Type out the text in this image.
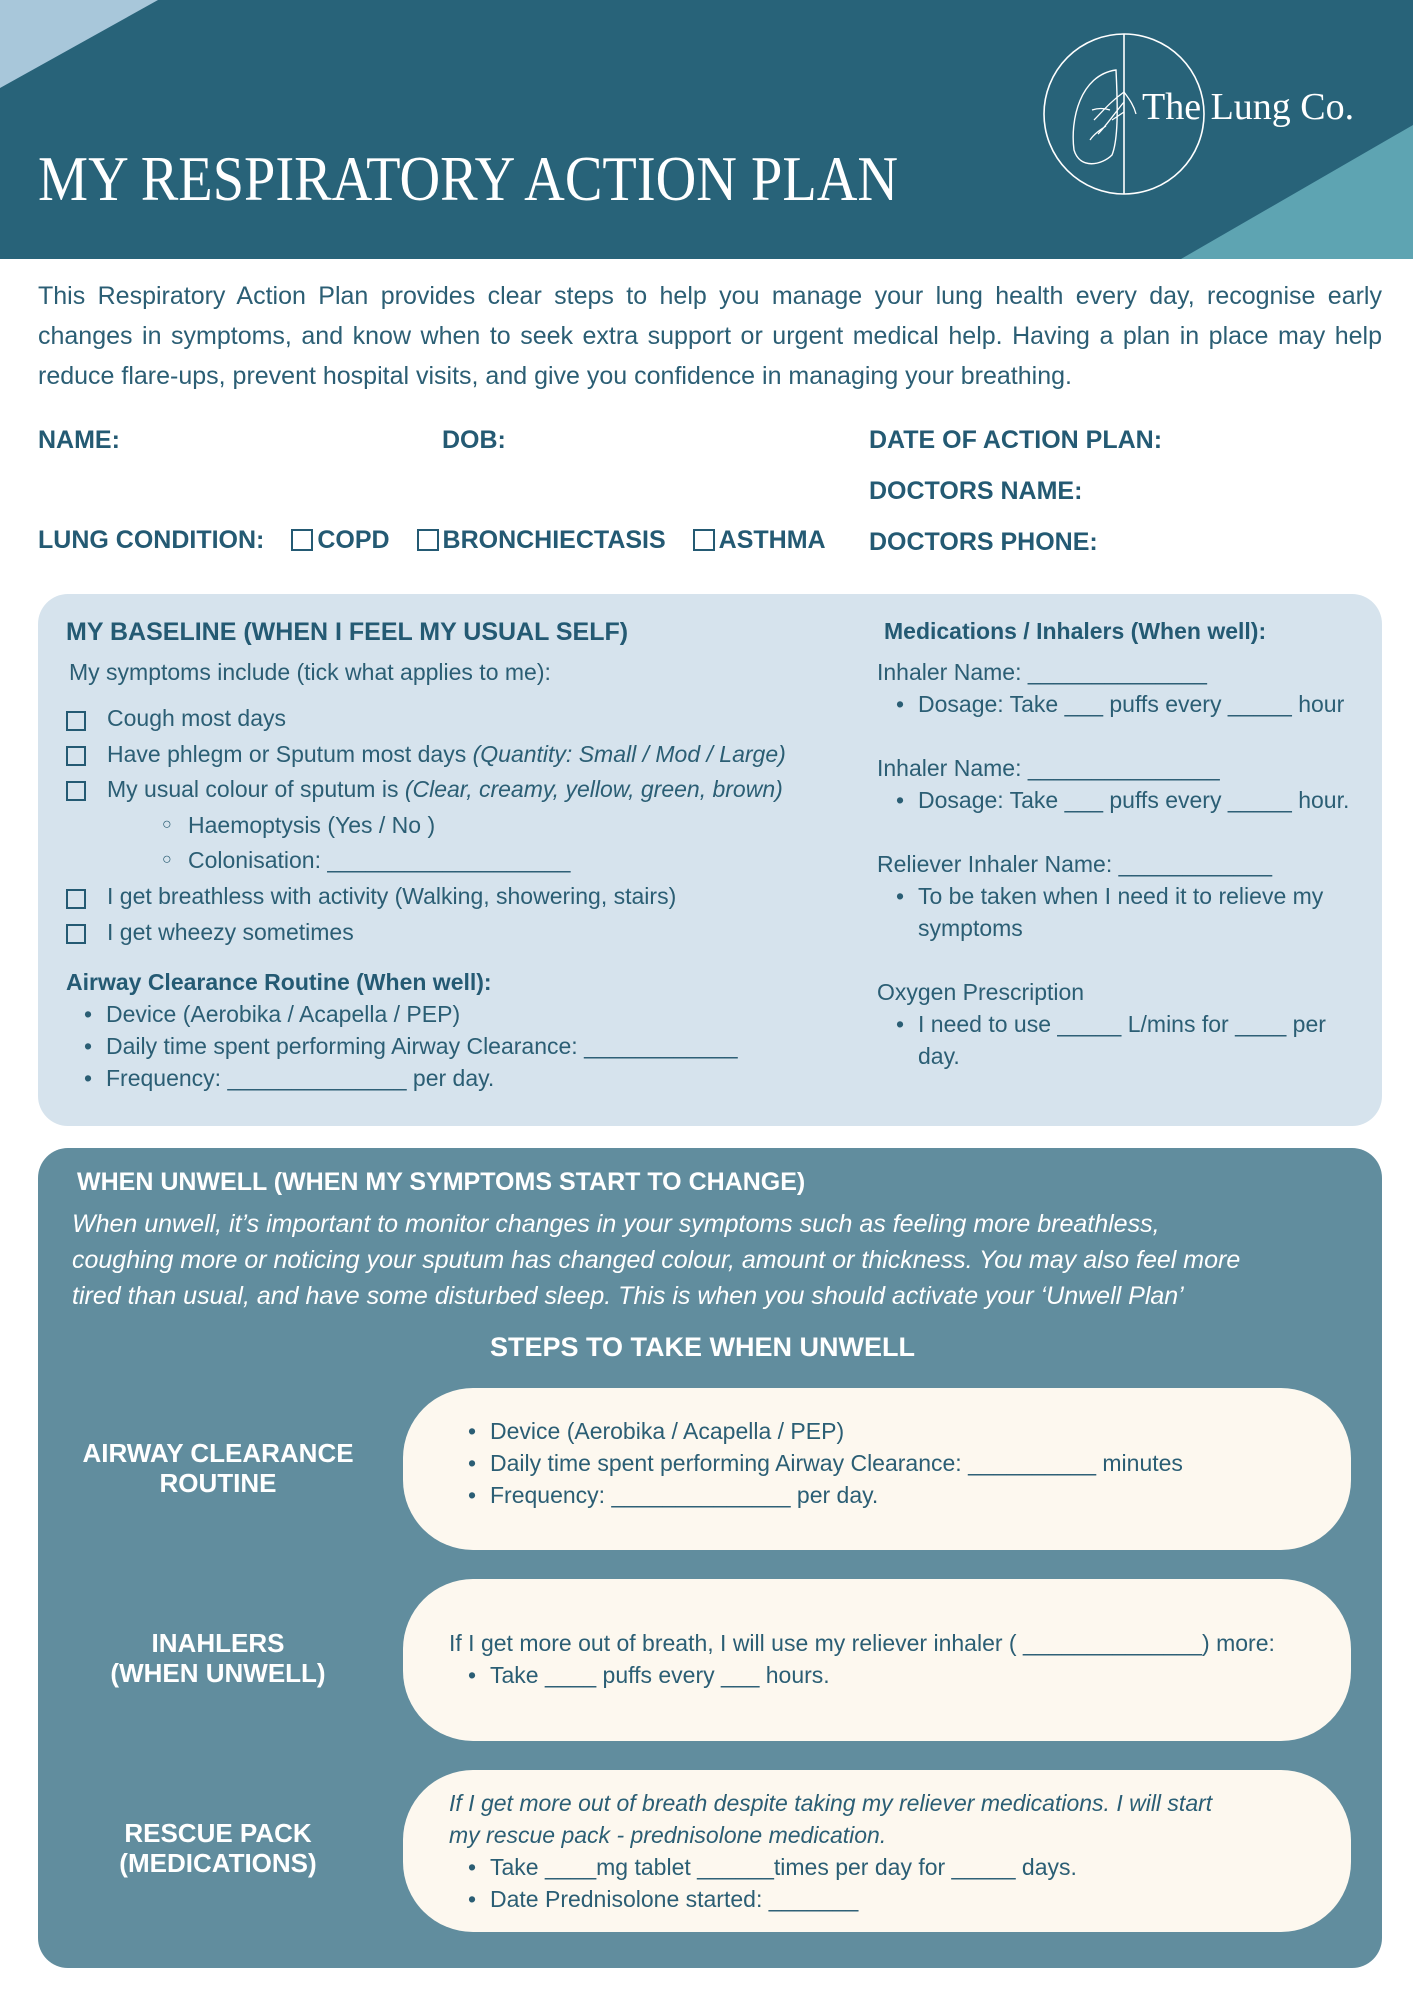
MY RESPIRATORY ACTION PLAN
The Lung Co.

This Respiratory Action Plan provides clear steps to help you manage your lung health every day, recognise early changes in symptoms, and know when to seek extra support or urgent medical help. Having a plan in place may help reduce flare-ups, prevent hospital visits, and give you confidence in managing your breathing.

NAME:	DOB:	DATE OF ACTION PLAN:
DOCTORS NAME:
DOCTORS PHONE:
LUNG CONDITION: COPD BRONCHIECTASIS ASTHMA
MY BASELINE (WHEN I FEEL MY USUAL SELF)
My symptoms include (tick what applies to me):
Cough most days
Have phlegm or Sputum most days (Quantity: Small / Mod / Large)
My usual colour of sputum is (Clear, creamy, yellow, green, brown)
○ Haemoptysis (Yes / No )
○ Colonisation: ___________________
I get breathless with activity (Walking, showering, stairs)
I get wheezy sometimes
Airway Clearance Routine (When well):
• Device (Aerobika / Acapella / PEP)
• Daily time spent performing Airway Clearance: ____________
• Frequency: ______________ per day.
Medications / Inhalers (When well):
Inhaler Name: ______________
• Dosage: Take ___ puffs every _____ hour
Inhaler Name: _______________
• Dosage: Take ___ puffs every _____ hour.
Reliever Inhaler Name: ____________
• To be taken when I need it to relieve my
symptoms
Oxygen Prescription
• I need to use _____ L/mins for ____ per
day.
WHEN UNWELL (WHEN MY SYMPTOMS START TO CHANGE)
When unwell, it’s important to monitor changes in your symptoms such as feeling more breathless,
coughing more or noticing your sputum has changed colour, amount or thickness. You may also feel more
tired than usual, and have some disturbed sleep. This is when you should activate your ‘Unwell Plan’
STEPS TO TAKE WHEN UNWELL
AIRWAY CLEARANCE
ROUTINE
• Device (Aerobika / Acapella / PEP)
• Daily time spent performing Airway Clearance: __________ minutes
• Frequency: ______________ per day.
INAHLERS
(WHEN UNWELL)
If I get more out of breath, I will use my reliever inhaler ( ______________) more:
• Take ____ puffs every ___ hours.
RESCUE PACK
(MEDICATIONS)
If I get more out of breath despite taking my reliever medications. I will start
my rescue pack - prednisolone medication.
• Take ____mg tablet ______times per day for _____ days.
• Date Prednisolone started: _______
